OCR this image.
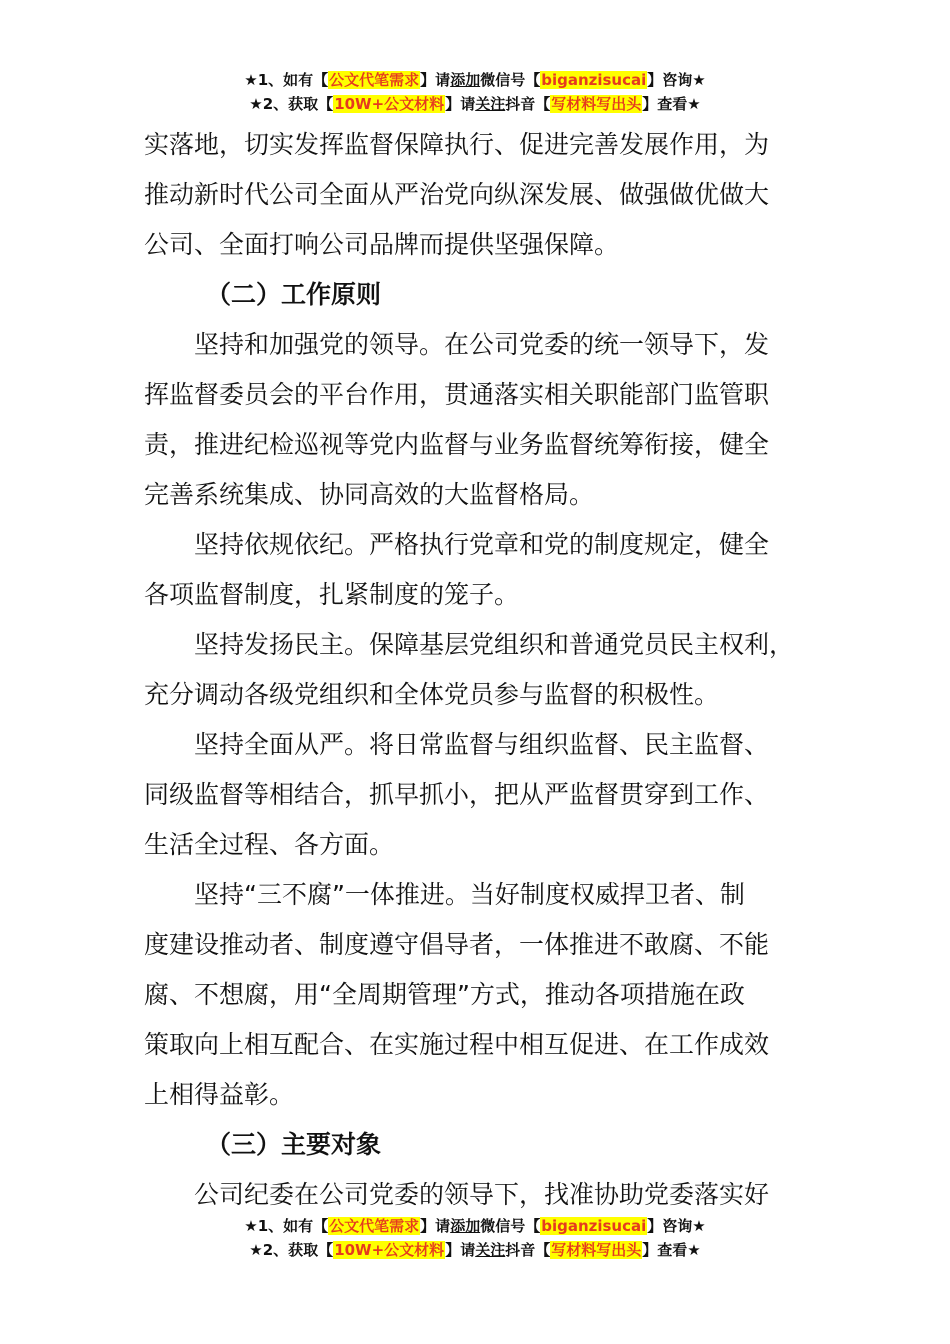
★1、如有【公文代笔需求】请添加微信号【biganzisucai】咨询★
★2、获取【10W+公文材料】请关注抖音【写材料写出头】查看★

实落地，切实发挥监督保障执行、促进完善发展作用，为

推动新时代公司全面从严治党向纵深发展、做强做优做大

公司、全面打响公司品牌而提供坚强保障。

（二）工作原则

坚持和加强党的领导。在公司党委的统一领导下，发

挥监督委员会的平台作用，贯通落实相关职能部门监管职

责，推进纪检巡视等党内监督与业务监督统筹衔接，健全

完善系统集成、协同高效的大监督格局。

坚持依规依纪。严格执行党章和党的制度规定，健全

各项监督制度，扎紧制度的笼子。

坚持发扬民主。保障基层党组织和普通党员民主权利，

充分调动各级党组织和全体党员参与监督的积极性。

坚持全面从严。将日常监督与组织监督、民主监督、

同级监督等相结合，抓早抓小，把从严监督贯穿到工作、

生活全过程、各方面。

坚持“三不腐”一体推进。当好制度权威捍卫者、制

度建设推动者、制度遵守倡导者，一体推进不敢腐、不能

腐、不想腐，用“全周期管理”方式，推动各项措施在政

策取向上相互配合、在实施过程中相互促进、在工作成效

上相得益彰。

（三）主要对象

公司纪委在公司党委的领导下，找准协助党委落实好

★1、如有【公文代笔需求】请添加微信号【biganzisucai】咨询★
★2、获取【10W+公文材料】请关注抖音【写材料写出头】查看★
